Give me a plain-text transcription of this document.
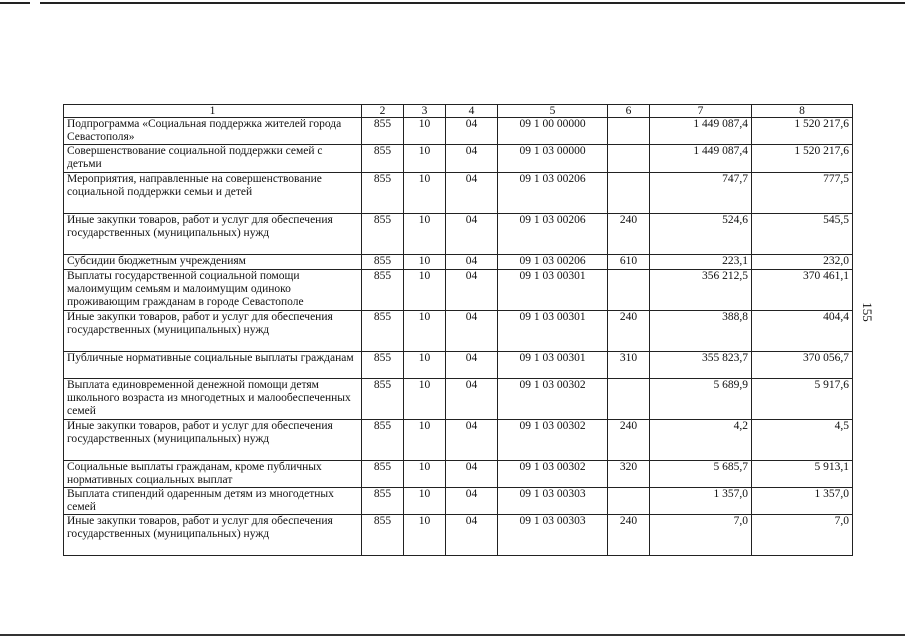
1	2	3	4	5	6	7	8
Подпрограмма «Социальная поддержка жителей города Севастополя»	855	10	04	09 1 00 00000		1 449 087,4	1 520 217,6
Совершенствование социальной поддержки семей с детьми	855	10	04	09 1 03 00000		1 449 087,4	1 520 217,6
Мероприятия, направленные на совершенствование социальной поддержки семьи и детей	855	10	04	09 1 03 00206		747,7	777,5
Иные закупки товаров, работ и услуг для обеспечения государственных (муниципальных) нужд	855	10	04	09 1 03 00206	240	524,6	545,5
Субсидии бюджетным учреждениям	855	10	04	09 1 03 00206	610	223,1	232,0
Выплаты государственной социальной помощи малоимущим семьям и малоимущим одиноко проживающим гражданам в городе Севастополе	855	10	04	09 1 03 00301		356 212,5	370 461,1
Иные закупки товаров, работ и услуг для обеспечения государственных (муниципальных) нужд	855	10	04	09 1 03 00301	240	388,8	404,4
Публичные нормативные социальные выплаты гражданам	855	10	04	09 1 03 00301	310	355 823,7	370 056,7
Выплата единовременной денежной помощи детям школьного возраста из многодетных и малообеспеченных семей	855	10	04	09 1 03 00302		5 689,9	5 917,6
Иные закупки товаров, работ и услуг для обеспечения государственных (муниципальных) нужд	855	10	04	09 1 03 00302	240	4,2	4,5
Социальные выплаты гражданам, кроме публичных нормативных социальных выплат	855	10	04	09 1 03 00302	320	5 685,7	5 913,1
Выплата стипендий одаренным детям из многодетных семей	855	10	04	09 1 03 00303		1 357,0	1 357,0
Иные закупки товаров, работ и услуг для обеспечения государственных (муниципальных) нужд	855	10	04	09 1 03 00303	240	7,0	7,0
155
